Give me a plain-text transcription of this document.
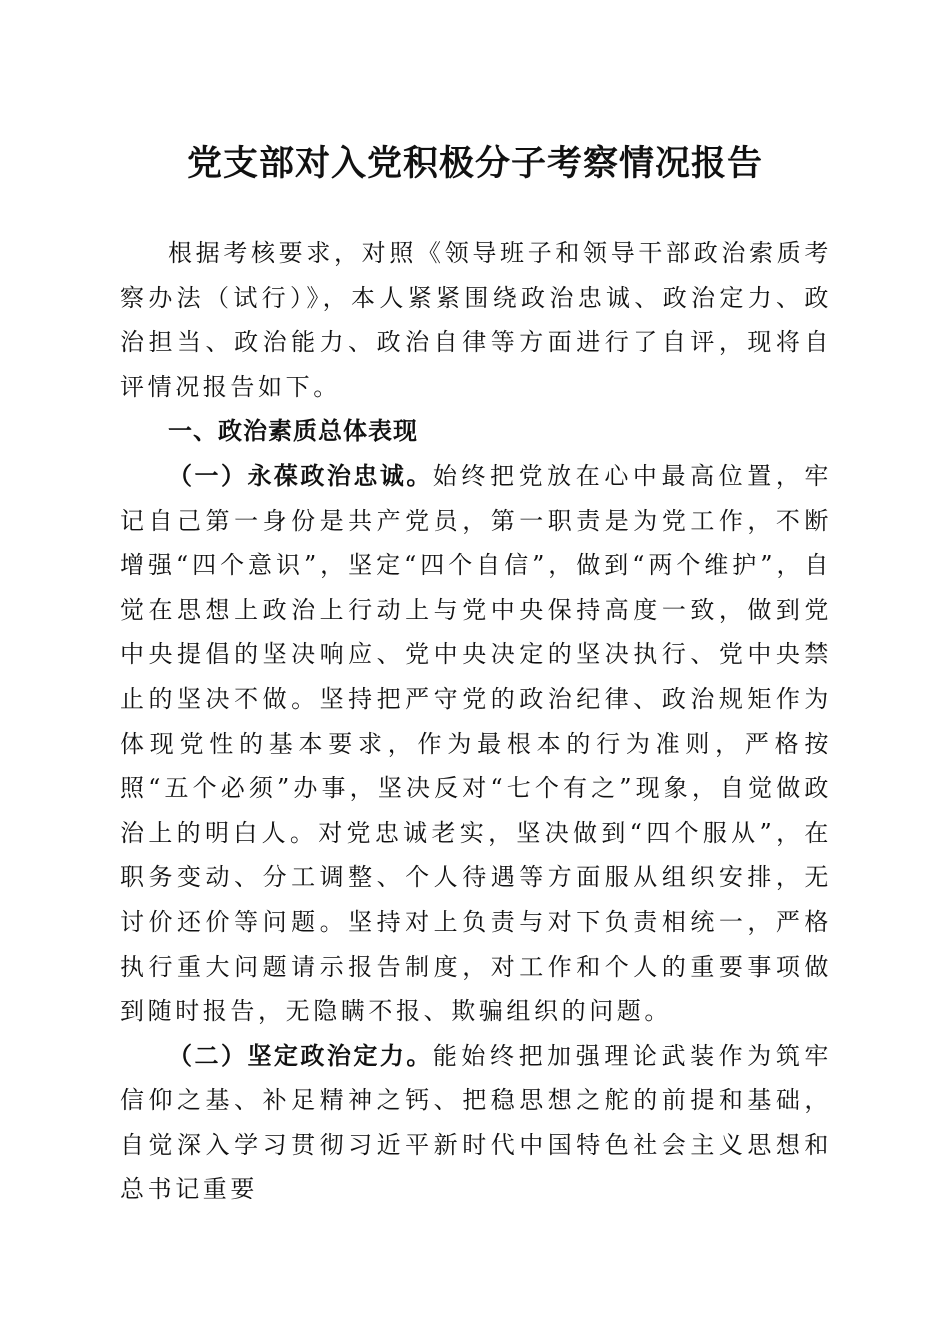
党支部对入党积极分子考察情况报告

根据考核要求，对照《领导班子和领导干部政治索质考察办法（试行）》，本人紧紧围绕政治忠诚、政治定力、政治担当、政治能力、政治自律等方面进行了自评，现将自评情况报告如下。

一、政治素质总体表现

（一）永葆政治忠诚。始终把党放在心中最高位置，牢记自己第一身份是共产党员，第一职责是为党工作，不断增强“四个意识”，坚定“四个自信”，做到“两个维护”，自觉在思想上政治上行动上与党中央保持高度一致，做到党中央提倡的坚决响应、党中央决定的坚决执行、党中央禁止的坚决不做。坚持把严守党的政治纪律、政治规矩作为体现党性的基本要求，作为最根本的行为准则，严格按照“五个必须”办事，坚决反对“七个有之”现象，自觉做政治上的明白人。对党忠诚老实，坚决做到“四个服从”，在职务变动、分工调整、个人待遇等方面服从组织安排，无讨价还价等问题。坚持对上负责与对下负责相统一，严格执行重大问题请示报告制度，对工作和个人的重要事项做到随时报告，无隐瞒不报、欺骗组织的问题。

（二）坚定政治定力。能始终把加强理论武装作为筑牢信仰之基、补足精神之钙、把稳思想之舵的前提和基础，自觉深入学习贯彻习近平新时代中国特色社会主义思想和总书记重要
